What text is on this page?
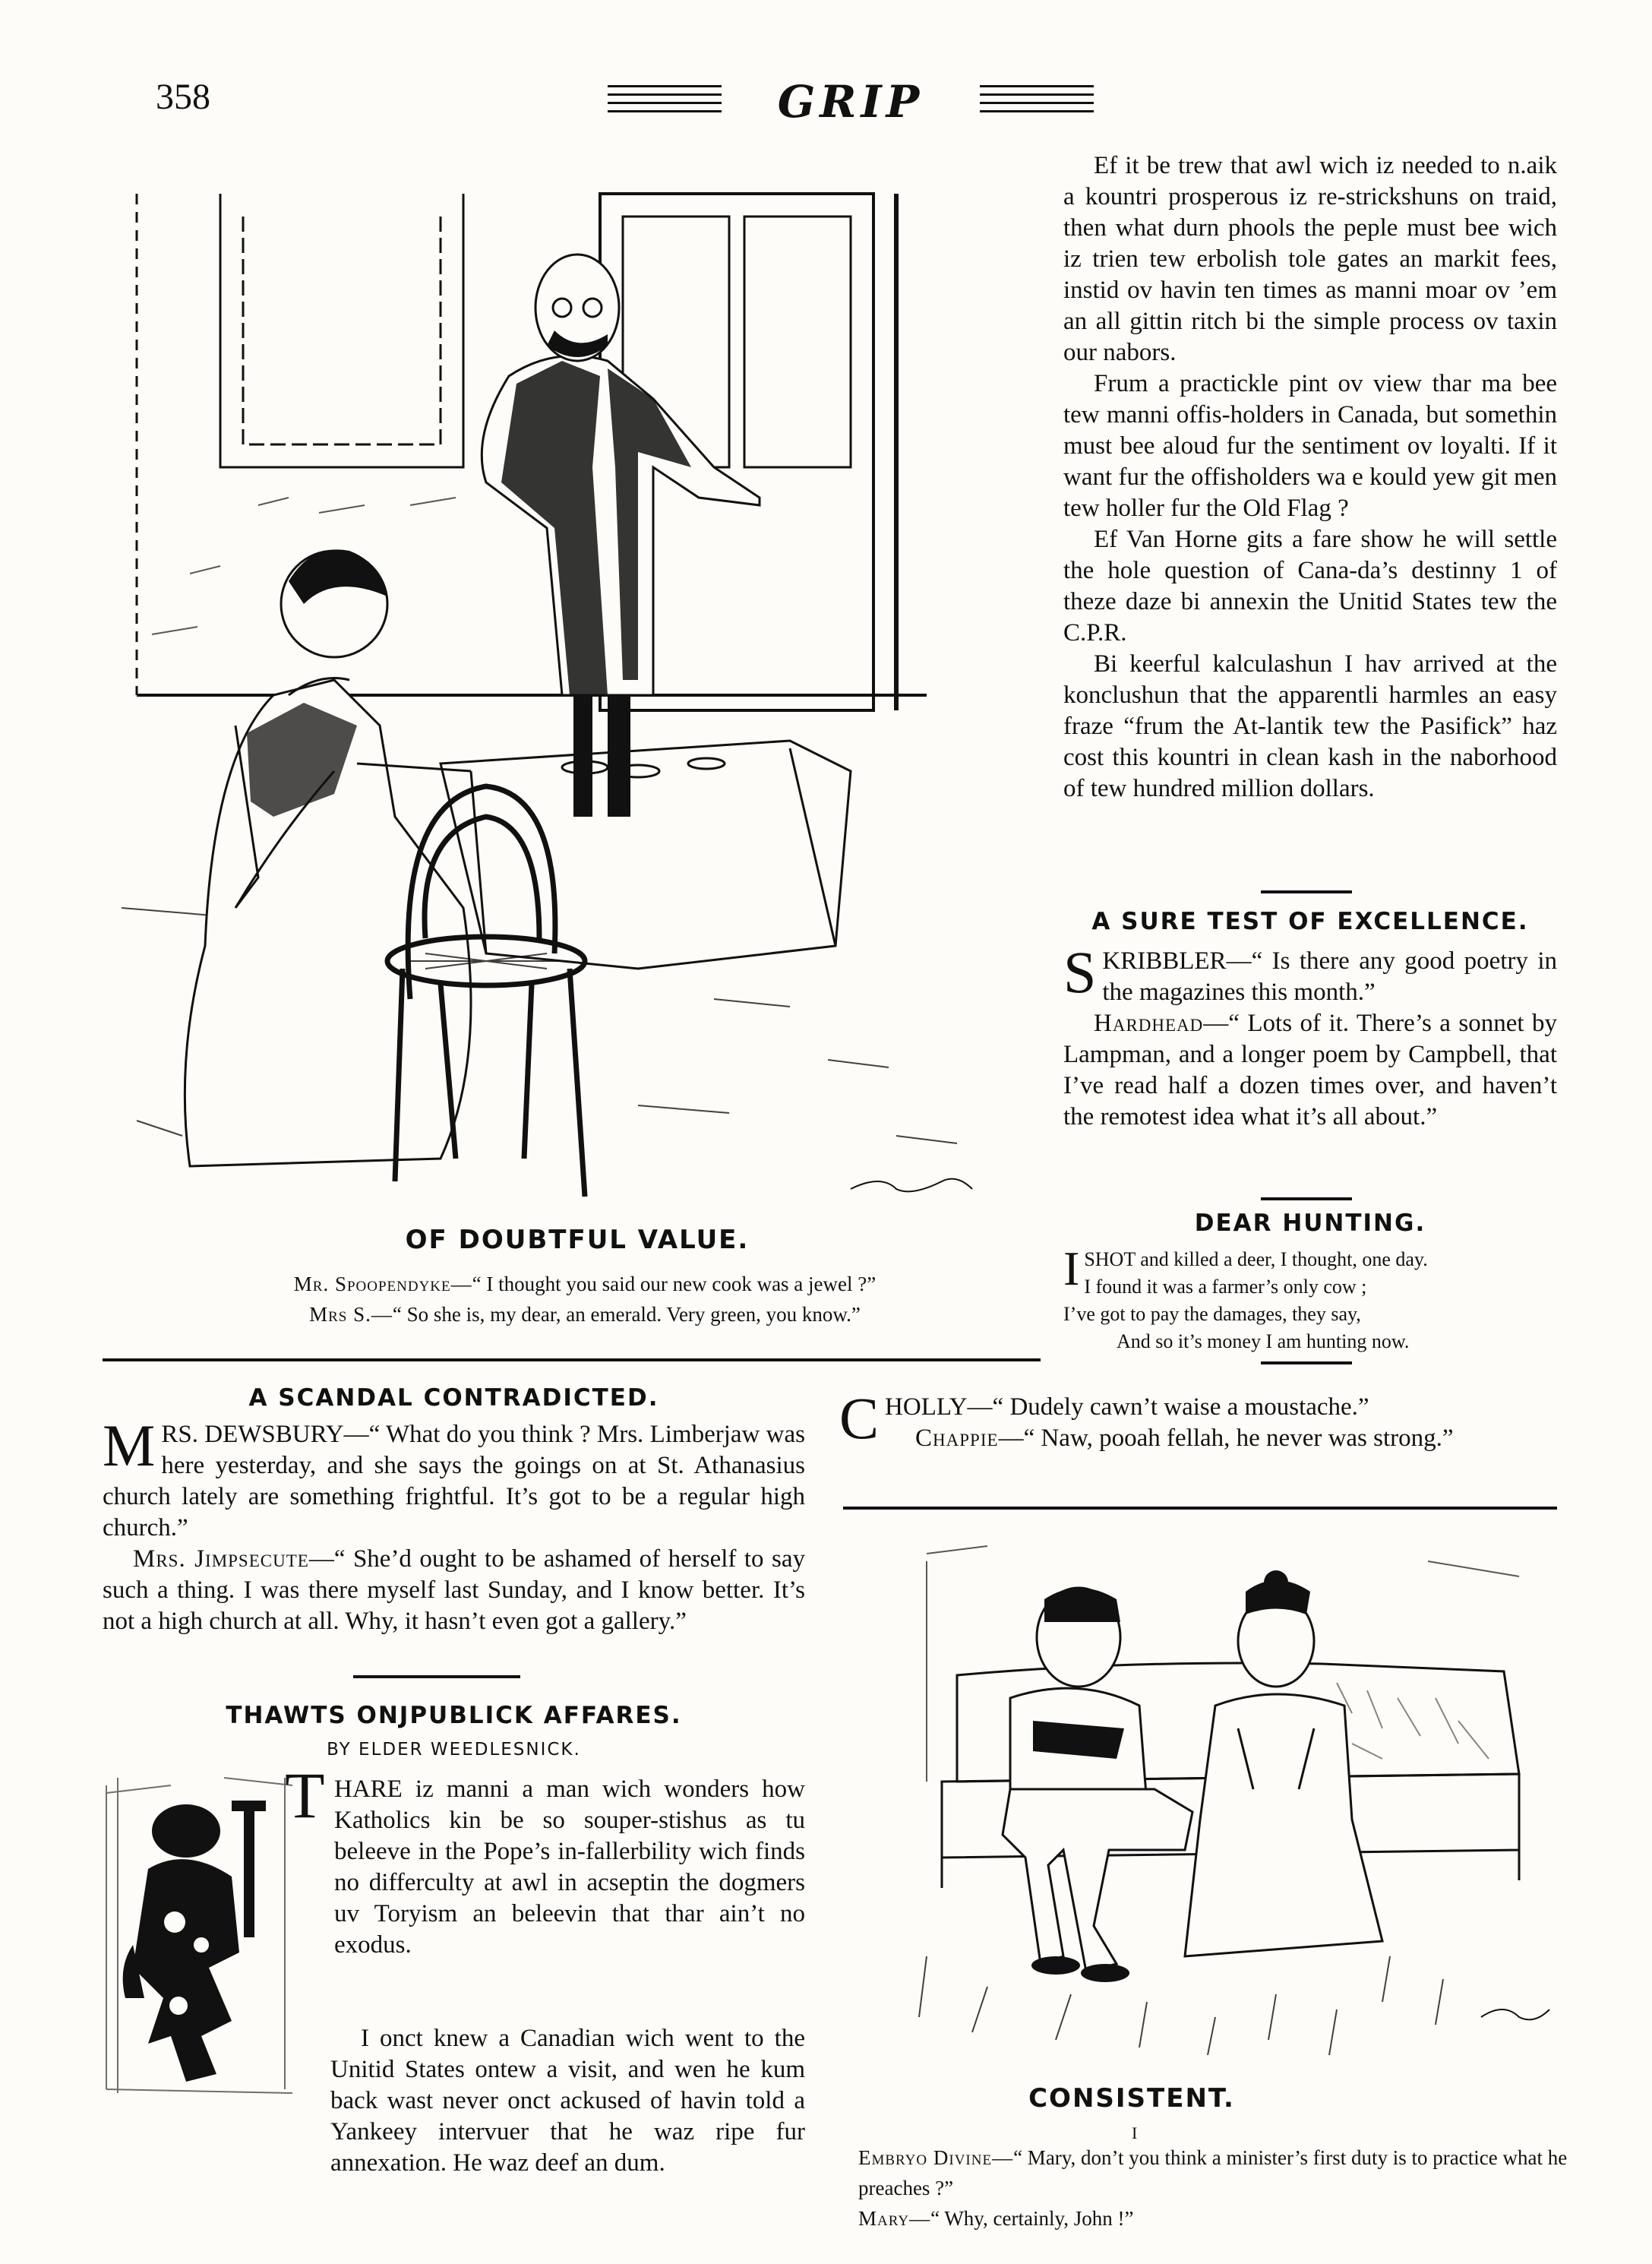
358	GRIP
OF DOUBTFUL VALUE.
Mr. Spoopendyke—“ I thought you said our new cook was a jewel ?”
Mrs S.—“ So she is, my dear, an emerald. Very green, you know.”

Ef it be trew that awl wich iz needed to n.aik a kountri prosperous iz re-strickshuns on traid, then what durn phools the peple must bee wich iz trien tew erbolish tole gates an markit fees, instid ov havin ten times as manni moar ov ’em an all gittin ritch bi the simple process ov taxin our nabors.

Frum a practickle pint ov view thar ma bee tew manni offis-holders in Canada, but somethin must bee aloud fur the sentiment ov loyalti. If it want fur the offisholders wa e kould yew git men tew holler fur the Old Flag ?

Ef Van Horne gits a fare show he will settle the hole question of Cana-da’s destinny 1 of theze daze bi annexin the Unitid States tew the C.P.R.

Bi keerful kalculashun I hav arrived at the konclushun that the apparentli harmles an easy fraze “frum the At-lantik tew the Pasifick” haz cost this kountri in clean kash in the naborhood of tew hundred million dollars.

A SURE TEST OF EXCELLENCE.
SKRIBBLER—“ Is there any good poetry in the magazines this month.”

Hardhead—“ Lots of it. There’s a sonnet by Lampman, and a longer poem by Campbell, that I’ve read half a dozen times over, and haven’t the remotest idea what it’s all about.”

DEAR HUNTING.
I SHOT and killed a deer, I thought, one day.
I found it was a farmer’s only cow ;
I’ve got to pay the damages, they say,
And so it’s money I am hunting now.
A SCANDAL CONTRADICTED.
MRS. DEWSBURY—“ What do you think ? Mrs. Limberjaw was here yesterday, and she says the goings on at St. Athanasius church lately are something frightful. It’s got to be a regular high church.”

Mrs. Jimpsecute—“ She’d ought to be ashamed of herself to say such a thing. I was there myself last Sunday, and I know better. It’s not a high church at all. Why, it hasn’t even got a gallery.”

THAWTS ONJPUBLICK AFFARES.
BY ELDER WEEDLESNICK.
T HARE iz manni a man wich wonders how Katholics kin be so souper-stishus as tu beleeve in the Pope’s in-fallerbility wich finds no differculty at awl in acseptin the dogmers uv Toryism an beleevin that thar ain’t no exodus.

I onct knew a Canadian wich went to the Unitid States ontew a visit, and wen he kum back wast never onct ackused of havin told a Yankeey intervuer that he waz ripe fur annexation. He waz deef an dum.

CHOLLY—“ Dudely cawn’t waise a moustache.”

Chappie—“ Naw, pooah fellah, he never was strong.”

CONSISTENT.
I
Embryo Divine—“ Mary, don’t you think a minister’s first duty is to practice what he preaches ?”
Mary—“ Why, certainly, John !”
